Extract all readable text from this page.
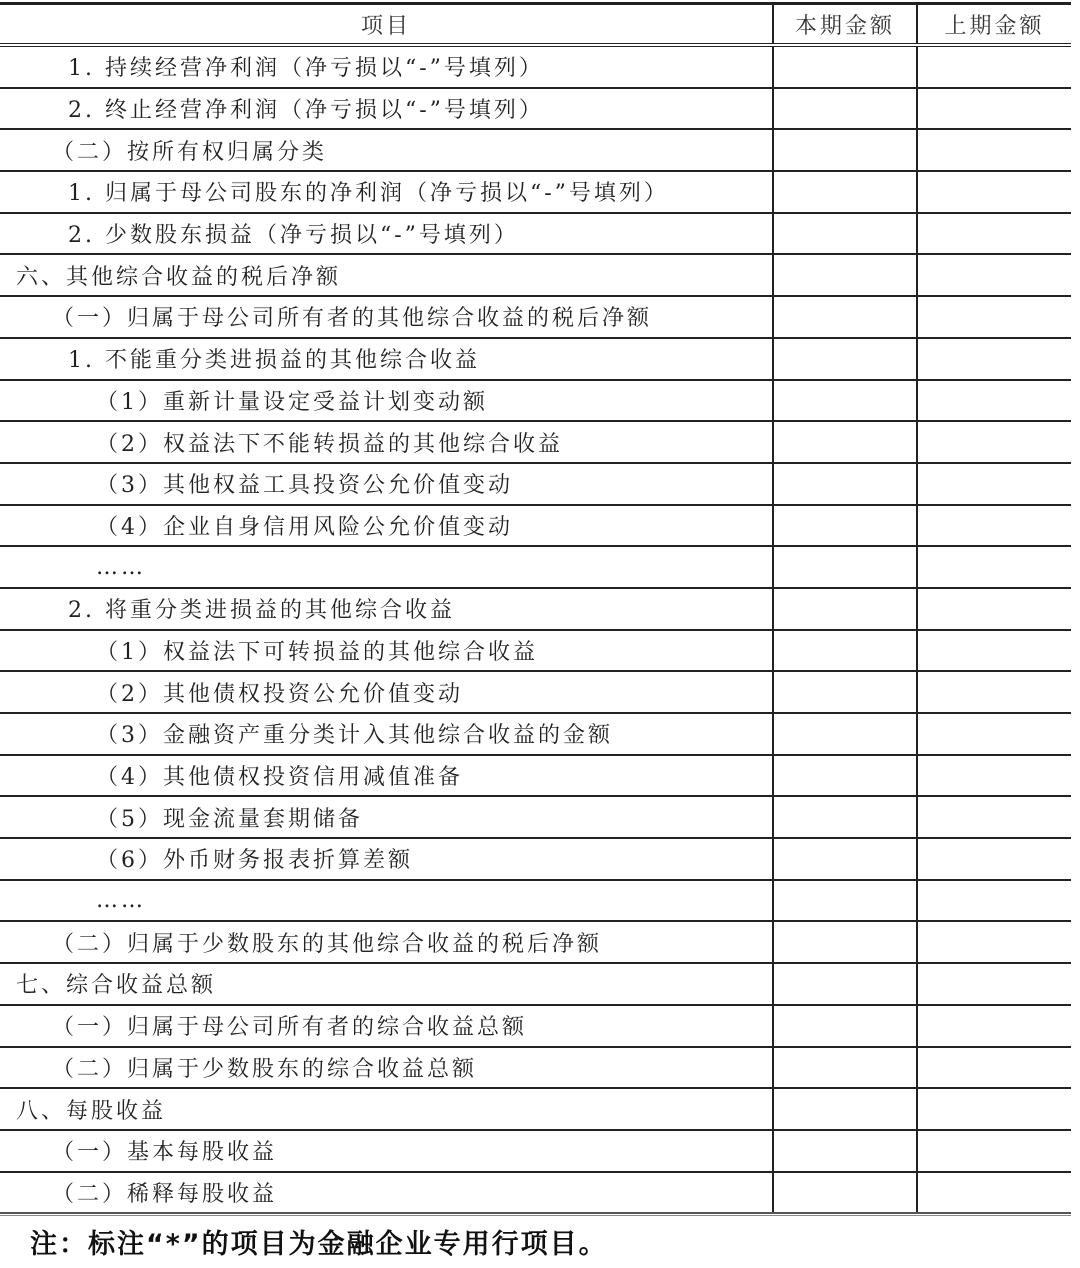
项目	本期金额	上期金额
1. 持续经营净利润（净亏损以“-”号填列）
2. 终止经营净利润（净亏损以“-”号填列）
（二）按所有权归属分类
1. 归属于母公司股东的净利润（净亏损以“-”号填列）
2. 少数股东损益（净亏损以“-”号填列）
六、其他综合收益的税后净额
（一）归属于母公司所有者的其他综合收益的税后净额
1. 不能重分类进损益的其他综合收益
（1）重新计量设定受益计划变动额
（2）权益法下不能转损益的其他综合收益
（3）其他权益工具投资公允价值变动
（4）企业自身信用风险公允价值变动
……
2. 将重分类进损益的其他综合收益
（1）权益法下可转损益的其他综合收益
（2）其他债权投资公允价值变动
（3）金融资产重分类计入其他综合收益的金额
（4）其他债权投资信用减值准备
（5）现金流量套期储备
（6）外币财务报表折算差额
……
（二）归属于少数股东的其他综合收益的税后净额
七、综合收益总额
（一）归属于母公司所有者的综合收益总额
（二）归属于少数股东的综合收益总额
八、每股收益
（一）基本每股收益
（二）稀释每股收益
注：标注“*”的项目为金融企业专用行项目。
